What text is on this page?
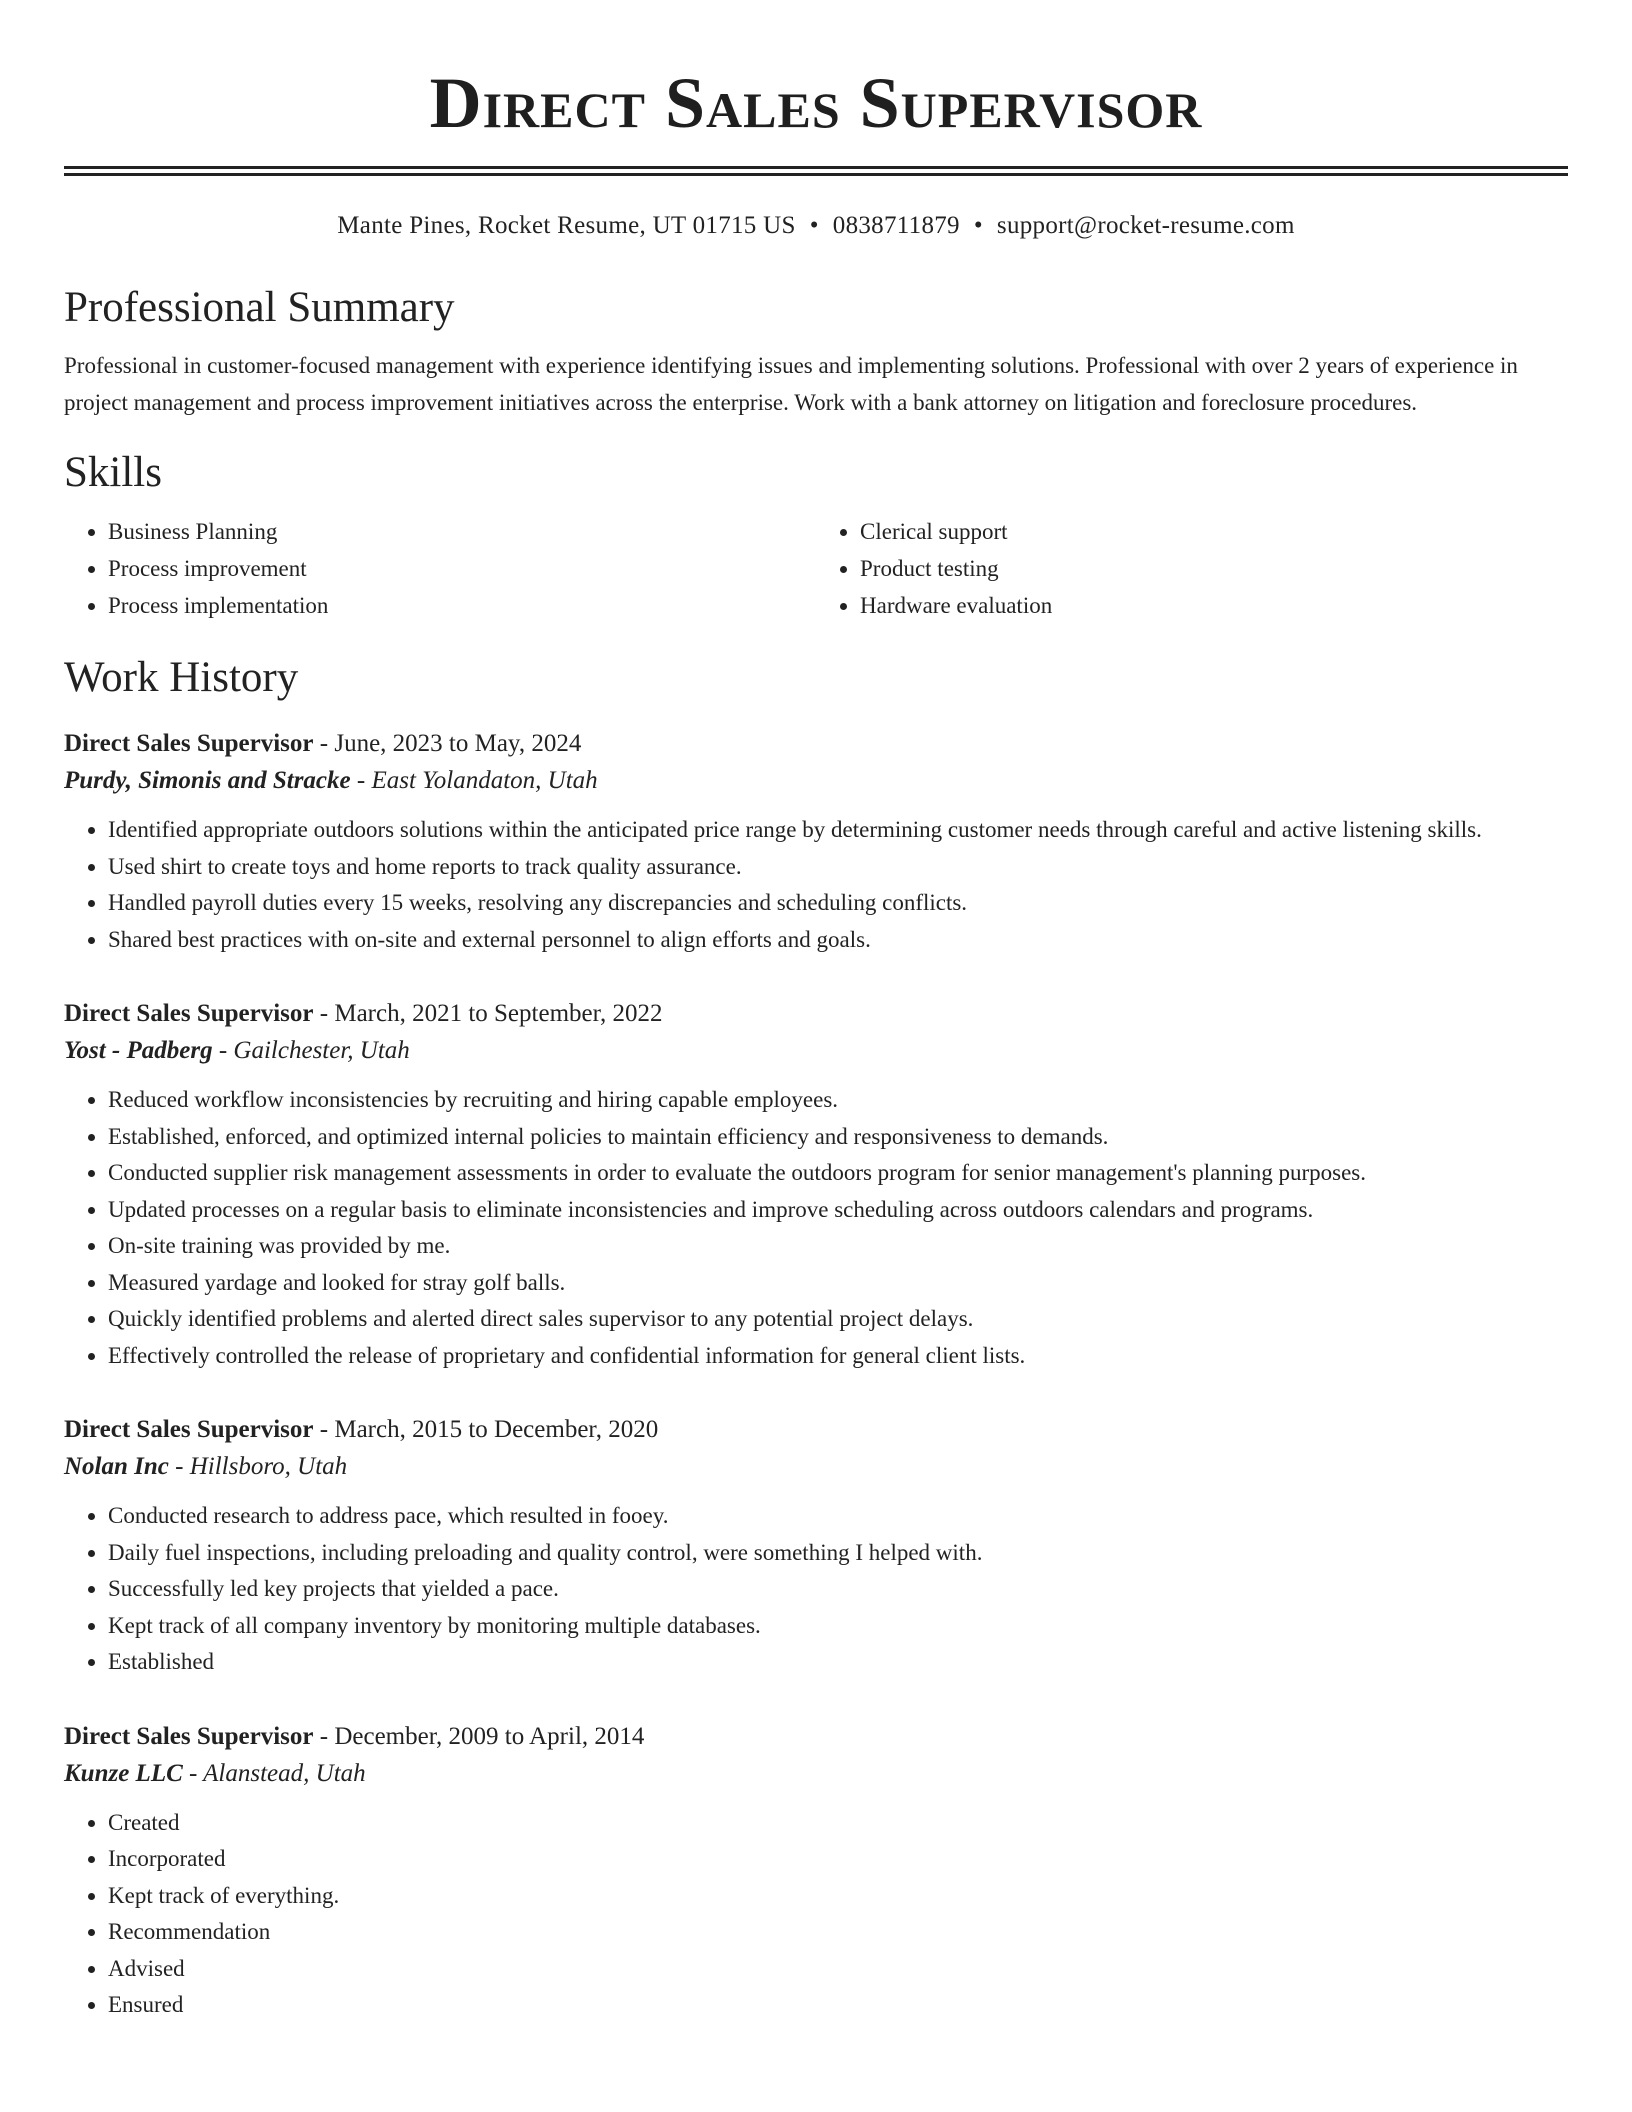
Direct Sales Supervisor
Mante Pines, Rocket Resume, UT 01715 US • 0838711879 • support@rocket-resume.com
Professional Summary

Professional in customer-focused management with experience identifying issues and implementing solutions. Professional with over 2 years of experience in project management and process improvement initiatives across the enterprise. Work with a bank attorney on litigation and foreclosure procedures.

Skills
• Business Planning
• Process improvement
• Process implementation
• Clerical support
• Product testing
• Hardware evaluation
Work History
Direct Sales Supervisor - June, 2023 to May, 2024
Purdy, Simonis and Stracke - East Yolandaton, Utah
• Identified appropriate outdoors solutions within the anticipated price range by determining customer needs through careful and active listening skills.
• Used shirt to create toys and home reports to track quality assurance.
• Handled payroll duties every 15 weeks, resolving any discrepancies and scheduling conflicts.
• Shared best practices with on-site and external personnel to align efforts and goals.
Direct Sales Supervisor - March, 2021 to September, 2022
Yost - Padberg - Gailchester, Utah
• Reduced workflow inconsistencies by recruiting and hiring capable employees.
• Established, enforced, and optimized internal policies to maintain efficiency and responsiveness to demands.
• Conducted supplier risk management assessments in order to evaluate the outdoors program for senior management's planning purposes.
• Updated processes on a regular basis to eliminate inconsistencies and improve scheduling across outdoors calendars and programs.
• On-site training was provided by me.
• Measured yardage and looked for stray golf balls.
• Quickly identified problems and alerted direct sales supervisor to any potential project delays.
• Effectively controlled the release of proprietary and confidential information for general client lists.
Direct Sales Supervisor - March, 2015 to December, 2020
Nolan Inc - Hillsboro, Utah
• Conducted research to address pace, which resulted in fooey.
• Daily fuel inspections, including preloading and quality control, were something I helped with.
• Successfully led key projects that yielded a pace.
• Kept track of all company inventory by monitoring multiple databases.
• Established
Direct Sales Supervisor - December, 2009 to April, 2014
Kunze LLC - Alanstead, Utah
• Created
• Incorporated
• Kept track of everything.
• Recommendation
• Advised
• Ensured
